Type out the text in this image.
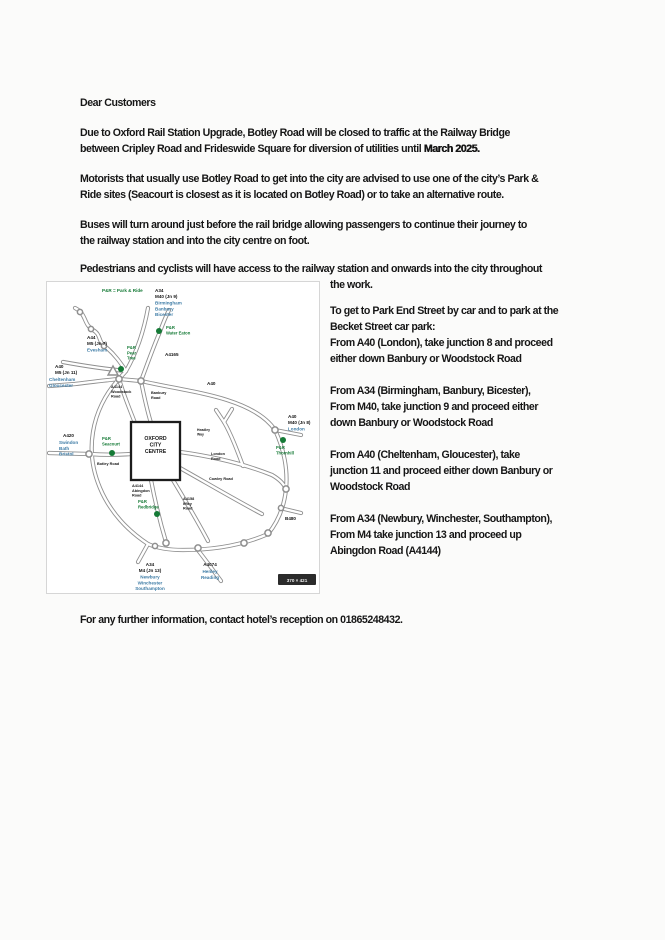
Dear Customers
Due to Oxford Rail Station Upgrade, Botley Road will be closed to traffic at the Railway Bridge
between Cripley Road and Frideswide Square for diversion of utilities until March 2025.
Motorists that usually use Botley Road to get into the city are advised to use one of the city’s Park &
Ride sites (Seacourt is closest as it is located on Botley Road) or to take an alternative route.
Buses will turn around just before the rail bridge allowing passengers to continue their journey to
the railway station and into the city centre on foot.
Pedestrians and cyclists will have access to the railway station and onwards into the city throughout
the work.
To get to Park End Street by car and to park at the
Becket Street car park:
From A40 (London), take junction 8 and proceed
either down Banbury or Woodstock Road
From A34 (Birmingham, Banbury, Bicester),
From M40, take junction 9 and proceed either
down Banbury or Woodstock Road
From A40 (Cheltenham, Gloucester), take
junction 11 and proceed either down Banbury or
Woodstock Road
From A34 (Newbury, Winchester, Southampton),
From M4 take junction 13 and proceed up
Abingdon Road (A4144)
P&R = Park & Ride	A34 M40 (Jn 9)
Birmingham Banbury Bicester
P&R Water Eaton
A44 M5 (Jn 7)
Evesham	P&R Pear Tree
A4165
A40 M5 (Jn 11)
Cheltenham Gloucester	A4144 Woodstock Road
Banbury Road
A40
A40 M40 (Jn 8)
London
P&R Thornhill
A420
Swindon Bath Bristol
P&R Seacourt
Botley Road
A4144 Abingdon Road
P&R Redbridge
A4158 Iffley Road
Cowley Road
London Road
Headley Way
A34 M4 (Jn 13)
Newbury Winchester Southampton
A4074
Henley Reading
B480
OXFORD CITY CENTRE
370 × 421
For any further information, contact hotel’s reception on 01865248432.
